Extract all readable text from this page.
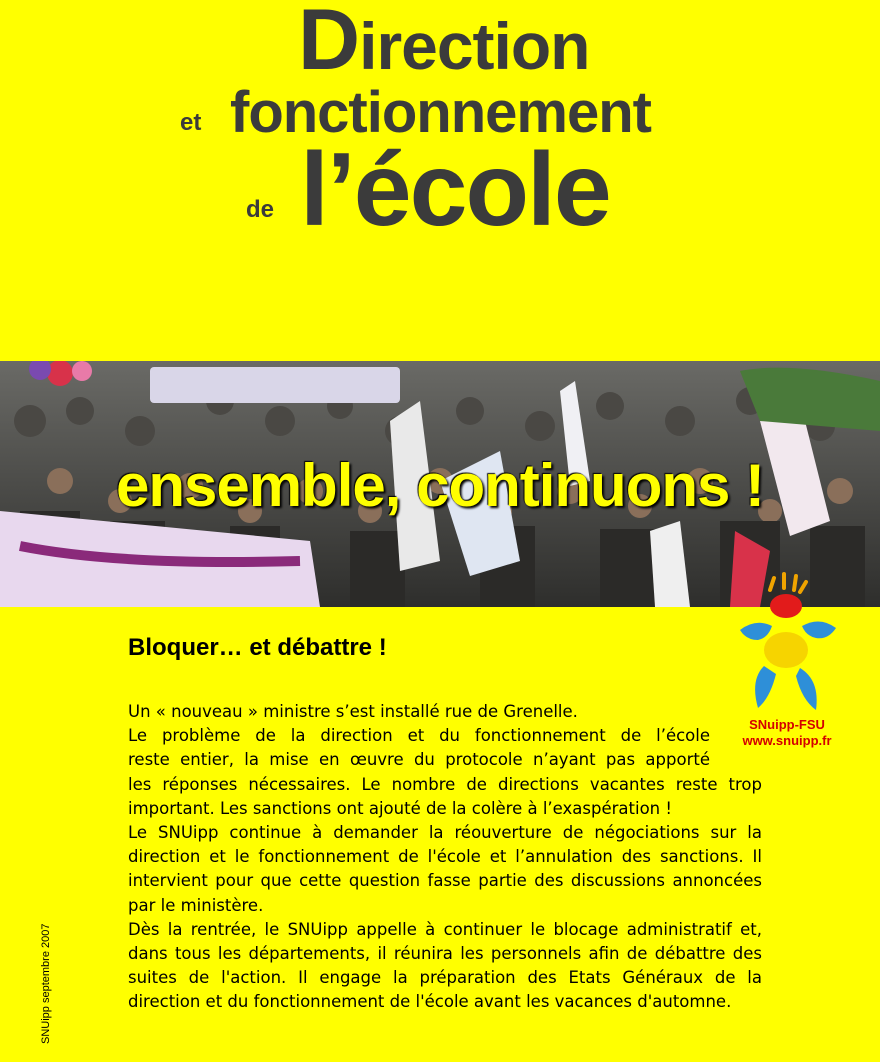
Direction
et fonctionnement
de l’école
ensemble, continuons !
Bloquer… et débattre !

Un « nouveau » ministre s’est installé rue de Grenelle.

Le problème de la direction et du fonctionnement de l’école

reste entier, la mise en œuvre du protocole n’ayant pas apporté

les réponses nécessaires. Le nombre de directions vacantes reste trop important. Les sanctions ont ajouté de la colère à l’exaspération !

Le SNUipp continue à demander la réouverture de négociations sur la direction et le fonctionnement de l'école et l’annulation des sanctions. Il intervient pour que cette question fasse partie des discussions annoncées par le ministère.

Dès la rentrée, le SNUipp appelle à continuer le blocage administratif et, dans tous les départements, il réunira les personnels afin de débattre des suites de l'action. Il engage la préparation des Etats Généraux de la direction et du fonctionnement de l'école avant les vacances d'automne.

SNuipp-FSU
www.snuipp.fr
SNUipp septembre 2007
